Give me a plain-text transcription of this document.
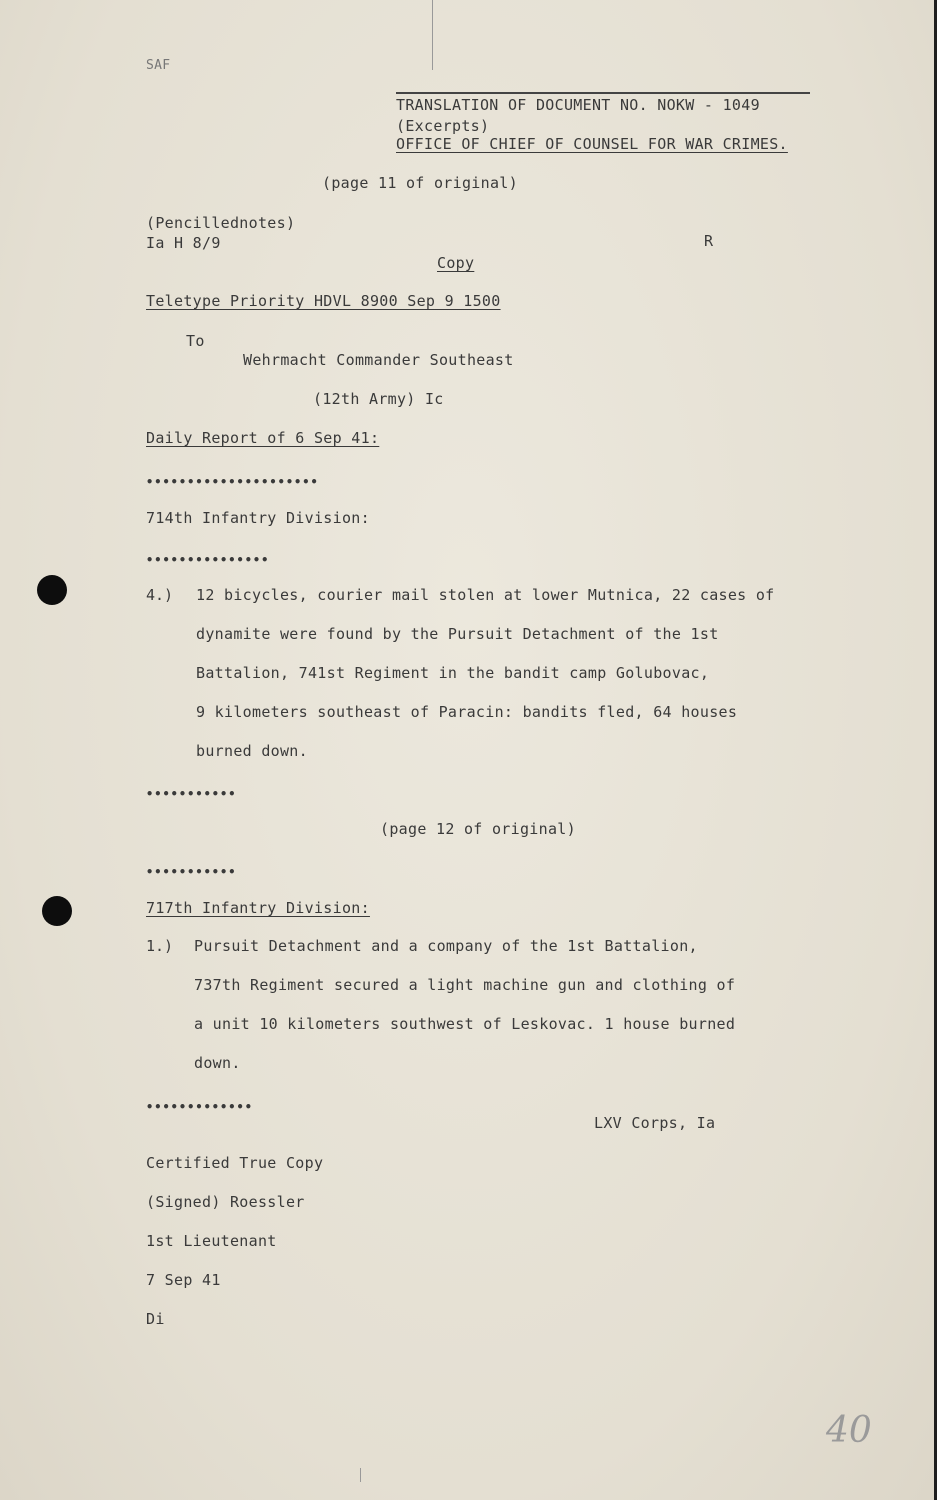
SAF
TRANSLATION OF DOCUMENT NO. NOKW - 1049
(Excerpts)
OFFICE OF CHIEF OF COUNSEL FOR WAR CRIMES.
(page 11 of original)
(Pencillednotes)
Ia H 8/9	R
Copy
Teletype Priority HDVL 8900 Sep 9 1500
To
Wehrmacht Commander Southeast
(12th Army) Ic
Daily Report of 6 Sep 41:
•••••••••••••••••••••
714th Infantry Division:
•••••••••••••••
4.) 12 bicycles, courier mail stolen at lower Mutnica, 22 cases of
dynamite were found by the Pursuit Detachment of the 1st
Battalion, 741st Regiment in the bandit camp Golubovac,
9 kilometers southeast of Paracin: bandits fled, 64 houses
burned down.
•••••••••••
(page 12 of original)
•••••••••••
717th Infantry Division:
1.) Pursuit Detachment and a company of the 1st Battalion,
737th Regiment secured a light machine gun and clothing of
a unit 10 kilometers southwest of Leskovac. 1 house burned
down.
•••••••••••••
LXV Corps, Ia
Certified True Copy
(Signed) Roessler
1st Lieutenant
7 Sep 41
Di
40
